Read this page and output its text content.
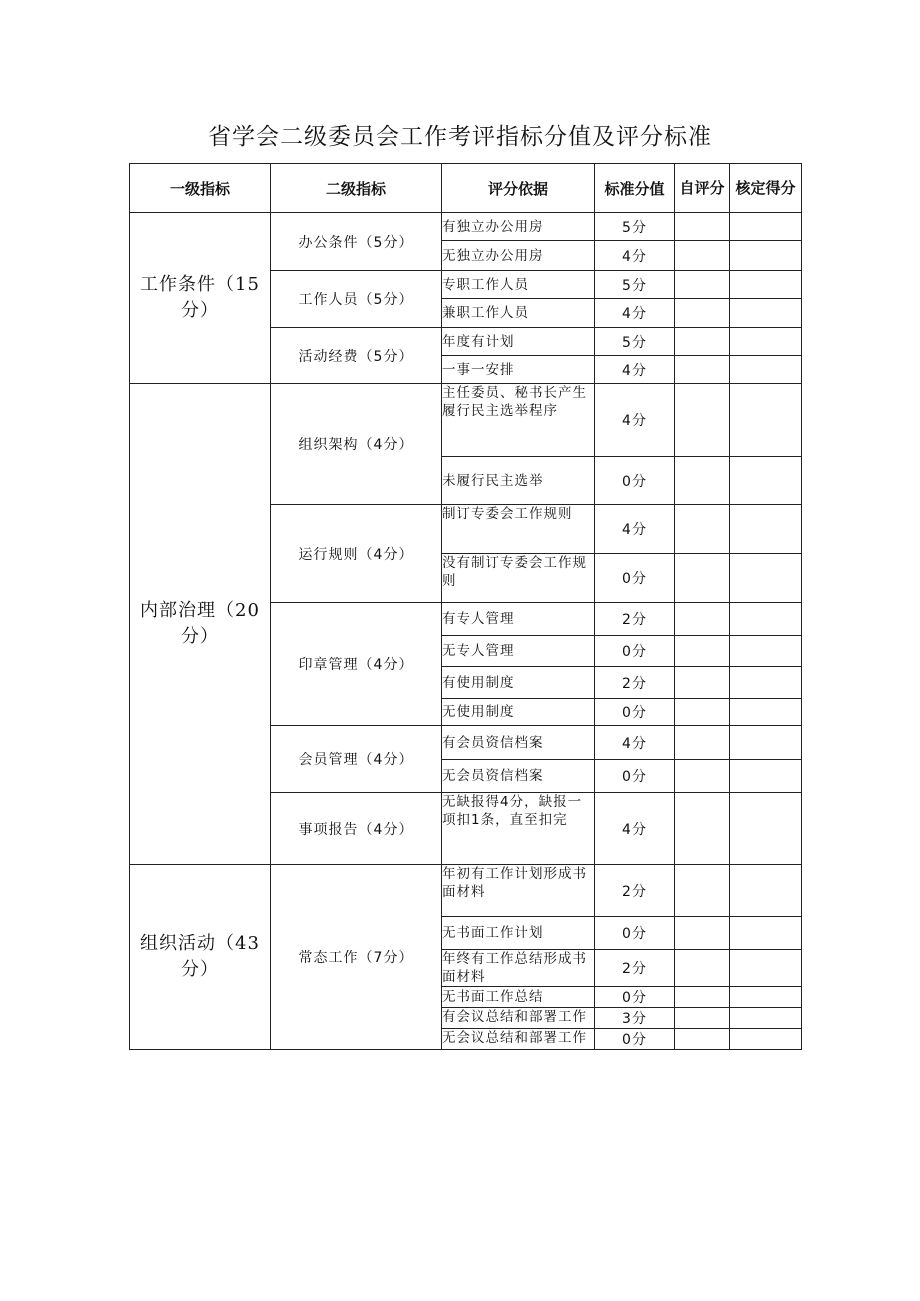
省学会二级委员会工作考评指标分值及评分标准
一级指标	二级指标	评分依据	标准分值	自评分	核定得分
工作条件（15分）	办公条件（5分）	有独立办公用房	5分		
		无独立办公用房	4分		
	工作人员（5分）	专职工作人员	5分		
		兼职工作人员	4分		
	活动经费（5分）	年度有计划	5分		
		一事一安排	4分		
内部治理（20分）	组织架构（4分）	主任委员、秘书长产生履行民主选举程序	4分		
		未履行民主选举	0分		
	运行规则（4分）	制订专委会工作规则	4分		
		没有制订专委会工作规则	0分		
	印章管理（4分）	有专人管理	2分		
		无专人管理	0分		
		有使用制度	2分		
		无使用制度	0分		
	会员管理（4分）	有会员资信档案	4分		
		无会员资信档案	0分		
	事项报告（4分）	无缺报得4分，缺报一项扣1条，直至扣完	4分		
组织活动（43分）	常态工作（7分）	年初有工作计划形成书面材料	2分		
		无书面工作计划	0分		
		年终有工作总结形成书面材料	2分		
		无书面工作总结	0分		
		有会议总结和部署工作	3分		
		无会议总结和部署工作	0分		
